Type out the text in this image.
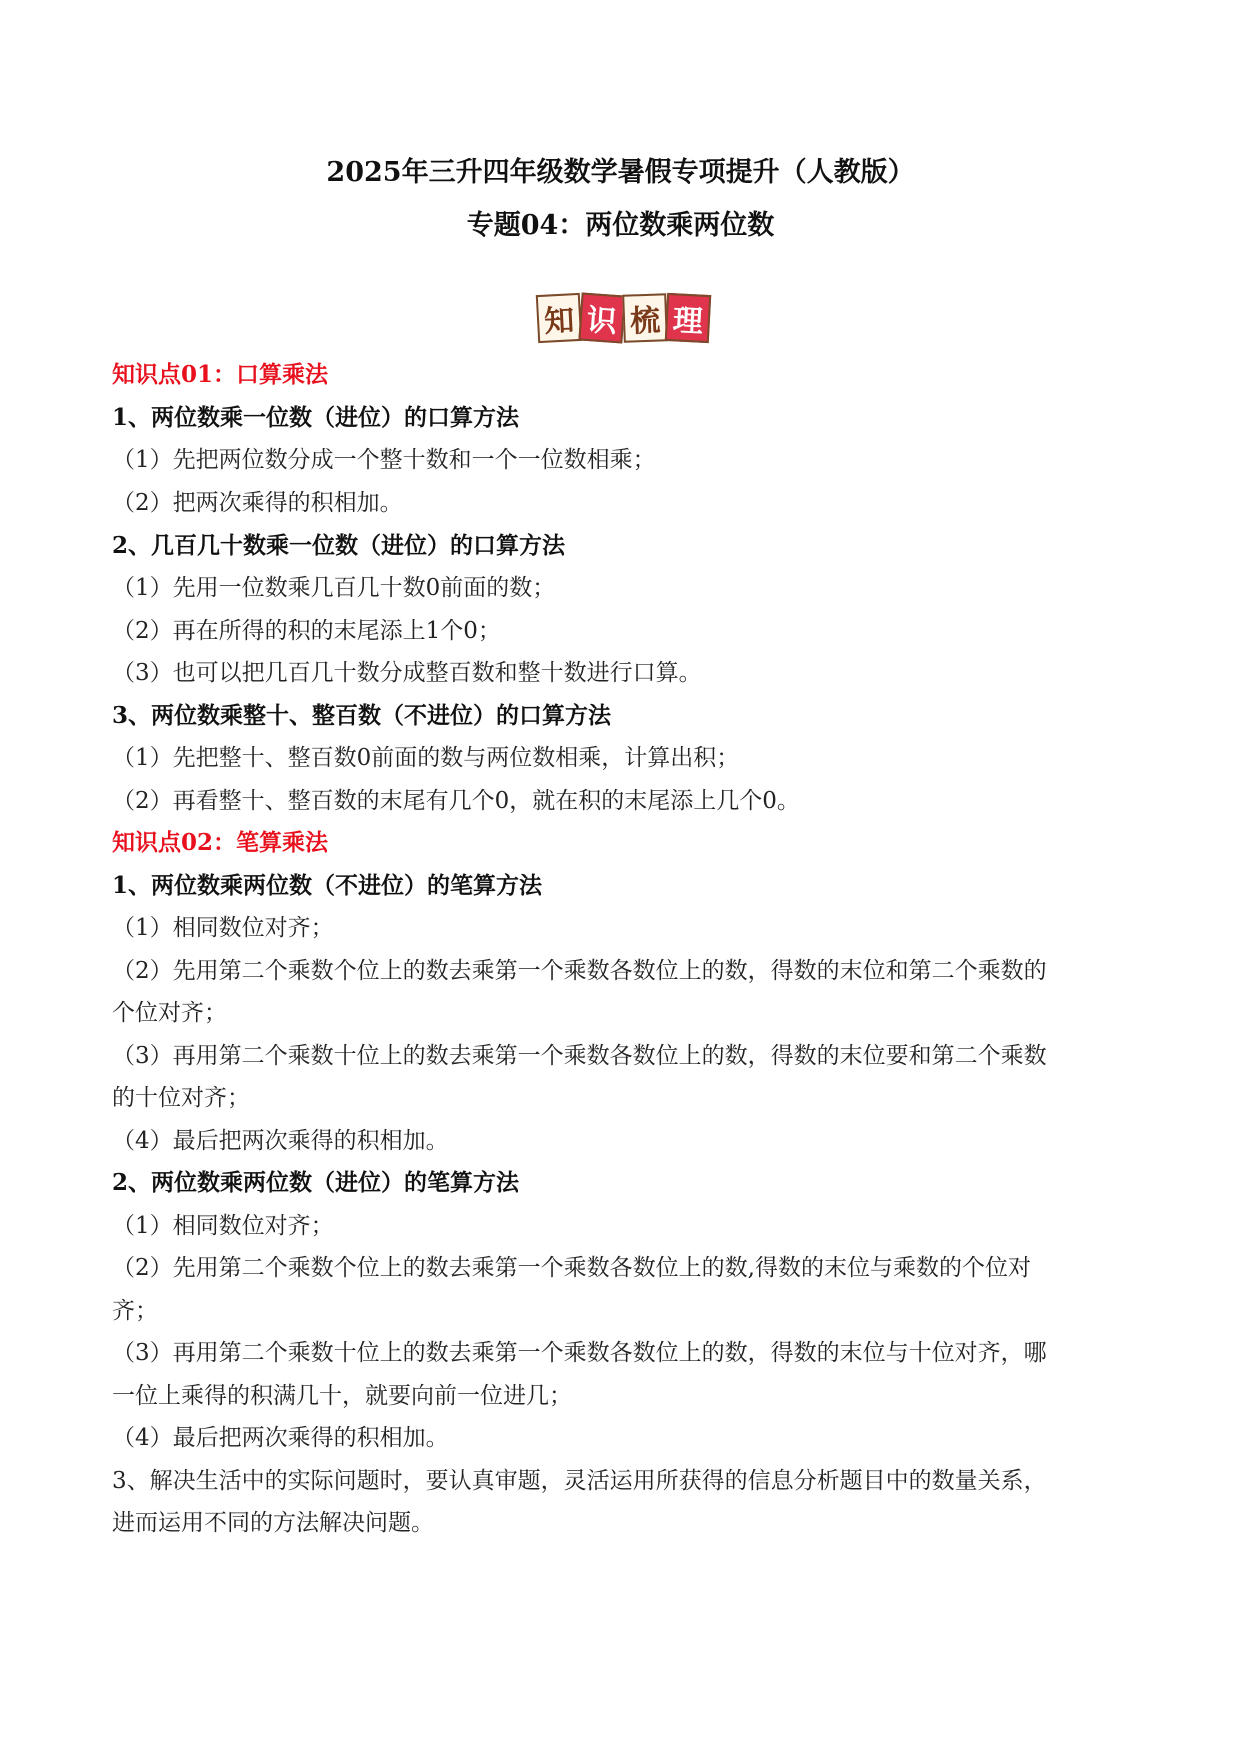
2025年三升四年级数学暑假专项提升（人教版）
专题04：两位数乘两位数
知 识 梳 理
知识点01：口算乘法
1、两位数乘一位数（进位）的口算方法
（1）先把两位数分成一个整十数和一个一位数相乘；
（2）把两次乘得的积相加。
2、几百几十数乘一位数（进位）的口算方法
（1）先用一位数乘几百几十数0前面的数；
（2）再在所得的积的末尾添上1个0；
（3）也可以把几百几十数分成整百数和整十数进行口算。
3、两位数乘整十、整百数（不进位）的口算方法
（1）先把整十、整百数0前面的数与两位数相乘，计算出积；
（2）再看整十、整百数的末尾有几个0，就在积的末尾添上几个0。
知识点02：笔算乘法
1、两位数乘两位数（不进位）的笔算方法
（1）相同数位对齐；
（2）先用第二个乘数个位上的数去乘第一个乘数各数位上的数，得数的末位和第二个乘数的
个位对齐；
（3）再用第二个乘数十位上的数去乘第一个乘数各数位上的数，得数的末位要和第二个乘数
的十位对齐；
（4）最后把两次乘得的积相加。
2、两位数乘两位数（进位）的笔算方法
（1）相同数位对齐；
（2）先用第二个乘数个位上的数去乘第一个乘数各数位上的数,得数的末位与乘数的个位对
齐；
（3）再用第二个乘数十位上的数去乘第一个乘数各数位上的数，得数的末位与十位对齐，哪
一位上乘得的积满几十，就要向前一位进几；
（4）最后把两次乘得的积相加。
3、解决生活中的实际问题时，要认真审题，灵活运用所获得的信息分析题目中的数量关系，
进而运用不同的方法解决问题。
